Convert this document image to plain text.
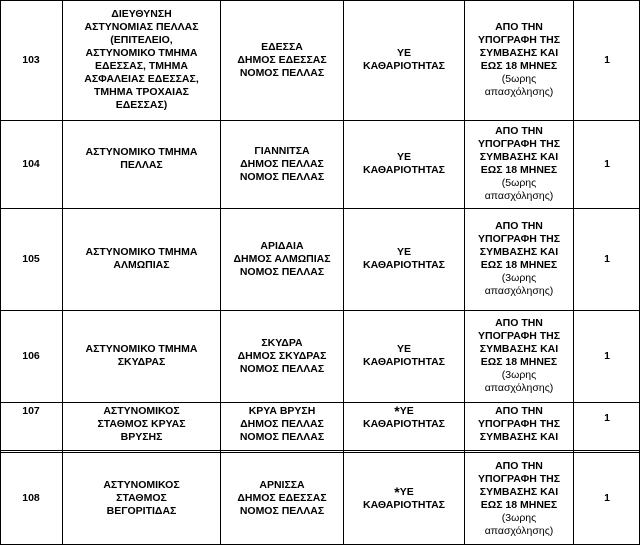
103
ΔΙΕΥΘΥΝΣΗ
ΑΣΤΥΝΟΜΙΑΣ ΠΕΛΛΑΣ
(ΕΠΙΤΕΛΕΙΟ,
ΑΣΤΥΝΟΜΙΚΟ ΤΜΗΜΑ
ΕΔΕΣΣΑΣ, ΤΜΗΜΑ
ΑΣΦΑΛΕΙΑΣ ΕΔΕΣΣΑΣ,
ΤΜΗΜΑ ΤΡΟΧΑΙΑΣ
ΕΔΕΣΣΑΣ)
ΕΔΕΣΣΑ
ΔΗΜΟΣ ΕΔΕΣΣΑΣ
ΝΟΜΟΣ ΠΕΛΛΑΣ
ΥΕ
ΚΑΘΑΡΙΟΤΗΤΑΣ
ΑΠΟ ΤΗΝ
ΥΠΟΓΡΑΦΗ ΤΗΣ
ΣΥΜΒΑΣΗΣ ΚΑΙ
ΕΩΣ 18 ΜΗΝΕΣ
(5ωρης
απασχόλησης)
1
104
ΑΣΤΥΝΟΜΙΚΟ ΤΜΗΜΑ
ΠΕΛΛΑΣ
ΓΙΑΝΝΙΤΣΑ
ΔΗΜΟΣ ΠΕΛΛΑΣ
ΝΟΜΟΣ ΠΕΛΛΑΣ
ΥΕ
ΚΑΘΑΡΙΟΤΗΤΑΣ
ΑΠΟ ΤΗΝ
ΥΠΟΓΡΑΦΗ ΤΗΣ
ΣΥΜΒΑΣΗΣ ΚΑΙ
ΕΩΣ 18 ΜΗΝΕΣ
(5ωρης
απασχόλησης)
1
105
ΑΣΤΥΝΟΜΙΚΟ ΤΜΗΜΑ
ΑΛΜΩΠΙΑΣ
ΑΡΙΔΑΙΑ
ΔΗΜΟΣ ΑΛΜΩΠΙΑΣ
ΝΟΜΟΣ ΠΕΛΛΑΣ
ΥΕ
ΚΑΘΑΡΙΟΤΗΤΑΣ
ΑΠΟ ΤΗΝ
ΥΠΟΓΡΑΦΗ ΤΗΣ
ΣΥΜΒΑΣΗΣ ΚΑΙ
ΕΩΣ 18 ΜΗΝΕΣ
(3ωρης
απασχόλησης)
1
106
ΑΣΤΥΝΟΜΙΚΟ ΤΜΗΜΑ
ΣΚΥΔΡΑΣ
ΣΚΥΔΡΑ
ΔΗΜΟΣ ΣΚΥΔΡΑΣ
ΝΟΜΟΣ ΠΕΛΛΑΣ
ΥΕ
ΚΑΘΑΡΙΟΤΗΤΑΣ
ΑΠΟ ΤΗΝ
ΥΠΟΓΡΑΦΗ ΤΗΣ
ΣΥΜΒΑΣΗΣ ΚΑΙ
ΕΩΣ 18 ΜΗΝΕΣ
(3ωρης
απασχόλησης)
1
107	ΑΣΤΥΝΟΜΙΚΟΣ
ΣΤΑΘΜΟΣ ΚΡΥΑΣ
ΒΡΥΣΗΣ
ΚΡΥΑ ΒΡΥΣΗ
ΔΗΜΟΣ ΠΕΛΛΑΣ
ΝΟΜΟΣ ΠΕΛΛΑΣ
*ΥΕ
ΚΑΘΑΡΙΟΤΗΤΑΣ
ΑΠΟ ΤΗΝ
ΥΠΟΓΡΑΦΗ ΤΗΣ
ΣΥΜΒΑΣΗΣ ΚΑΙ
1
108
ΑΣΤΥΝΟΜΙΚΟΣ
ΣΤΑΘΜΟΣ
ΒΕΓΟΡΙΤΙΔΑΣ
ΑΡΝΙΣΣΑ
ΔΗΜΟΣ ΕΔΕΣΣΑΣ
ΝΟΜΟΣ ΠΕΛΛΑΣ
*ΥΕ
ΚΑΘΑΡΙΟΤΗΤΑΣ
ΑΠΟ ΤΗΝ
ΥΠΟΓΡΑΦΗ ΤΗΣ
ΣΥΜΒΑΣΗΣ ΚΑΙ
ΕΩΣ 18 ΜΗΝΕΣ
(3ωρης
απασχόλησης)
1
